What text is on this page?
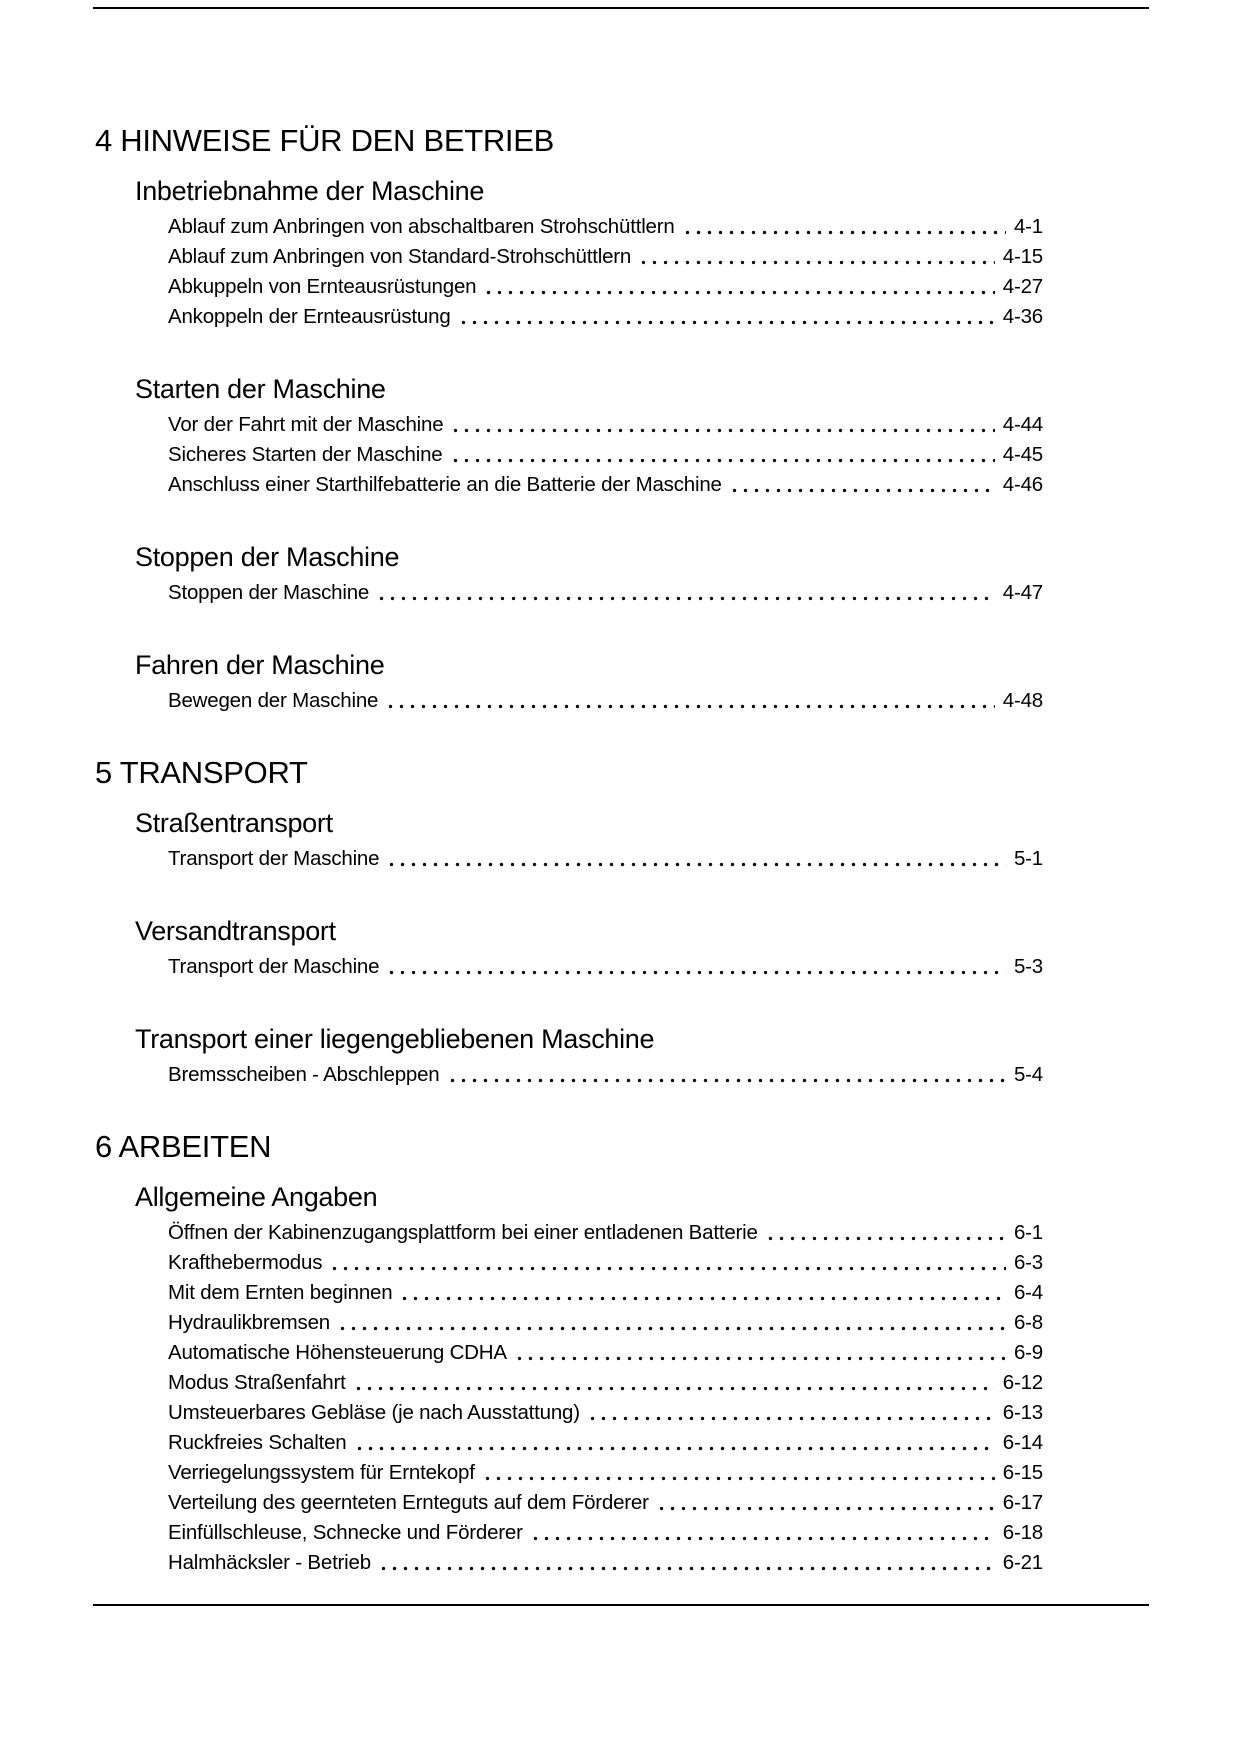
4 HINWEISE FÜR DEN BETRIEB
Inbetriebnahme der Maschine
Ablauf zum Anbringen von abschaltbaren Strohschüttlern	4-1
Ablauf zum Anbringen von Standard-Strohschüttlern	4-15
Abkuppeln von Ernteausrüstungen	4-27
Ankoppeln der Ernteausrüstung	4-36
Starten der Maschine
Vor der Fahrt mit der Maschine	4-44
Sicheres Starten der Maschine	4-45
Anschluss einer Starthilfebatterie an die Batterie der Maschine	4-46
Stoppen der Maschine
Stoppen der Maschine	4-47
Fahren der Maschine
Bewegen der Maschine	4-48
5 TRANSPORT
Straßentransport
Transport der Maschine	5-1
Versandtransport
Transport der Maschine	5-3
Transport einer liegengebliebenen Maschine
Bremsscheiben - Abschleppen	5-4
6 ARBEITEN
Allgemeine Angaben
Öffnen der Kabinenzugangsplattform bei einer entladenen Batterie	6-1
Krafthebermodus	6-3
Mit dem Ernten beginnen	6-4
Hydraulikbremsen	6-8
Automatische Höhensteuerung CDHA	6-9
Modus Straßenfahrt	6-12
Umsteuerbares Gebläse (je nach Ausstattung)	6-13
Ruckfreies Schalten	6-14
Verriegelungssystem für Erntekopf	6-15
Verteilung des geernteten Ernteguts auf dem Förderer	6-17
Einfüllschleuse, Schnecke und Förderer	6-18
Halmhäcksler - Betrieb	6-21
